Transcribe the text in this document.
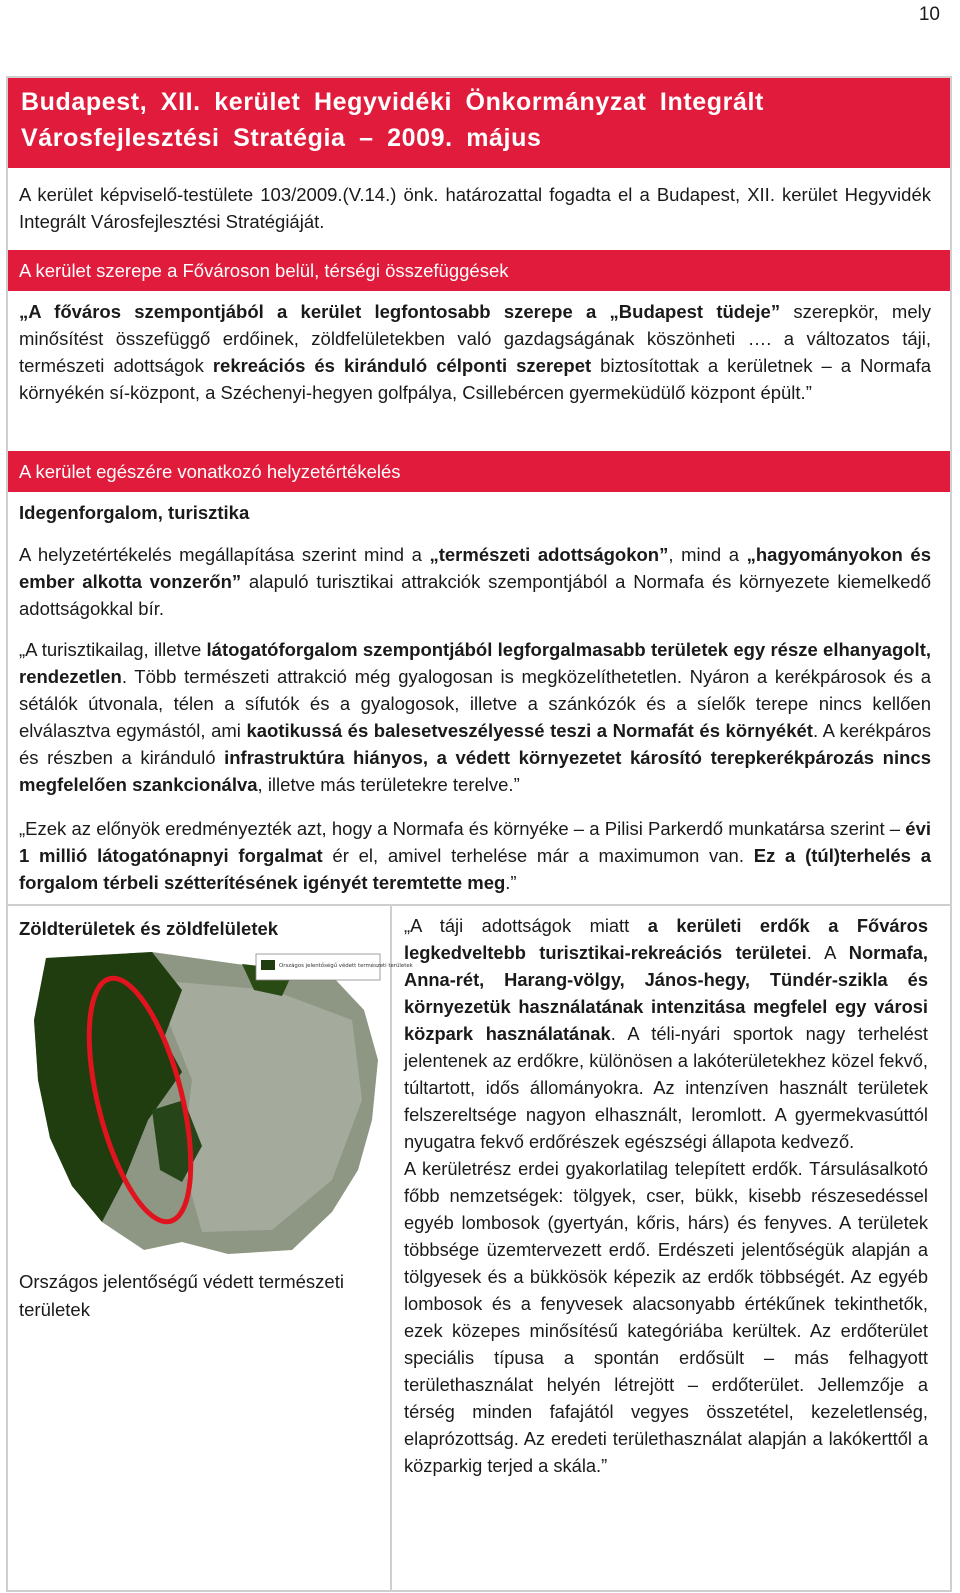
10
Budapest, XII. kerület Hegyvidéki Önkormányzat Integrált Városfejlesztési Stratégia – 2009. május
A kerület képviselő-testülete 103/2009.(V.14.) önk. határozattal fogadta el a Budapest, XII. kerület Hegyvidék Integrált Városfejlesztési Stratégiáját.
A kerület szerepe a Fővároson belül, térségi összefüggések
„A főváros szempontjából a kerület legfontosabb szerepe a „Budapest tüdeje” szerepkör, mely minősítést összefüggő erdőinek, zöldfelületekben való gazdagságának köszönheti …. a változatos táji, természeti adottságok rekreációs és kiránduló célponti szerepet biztosítottak a kerületnek – a Normafa környékén sí-központ, a Széchenyi-hegyen golfpálya, Csillebércen gyermeküdülő központ épült.”
A kerület egészére vonatkozó helyzetértékelés
Idegenforgalom, turisztika
A helyzetértékelés megállapítása szerint mind a „természeti adottságokon”, mind a „hagyományokon és ember alkotta vonzerőn” alapuló turisztikai attrakciók szempontjából a Normafa és környezete kiemelkedő adottságokkal bír.
„A turisztikailag, illetve látogatóforgalom szempontjából legforgalmasabb területek egy része elhanyagolt, rendezetlen. Több természeti attrakció még gyalogosan is megközelíthetetlen. Nyáron a kerékpárosok és a sétálók útvonala, télen a sífutók és a gyalogosok, illetve a szánkózók és a síelők terepe nincs kellően elválasztva egymástól, ami kaotikussá és balesetveszélyessé teszi a Normafát és környékét. A kerékpáros és részben a kiránduló infrastruktúra hiányos, a védett környezetet károsító terepkerékpározás nincs megfelelően szankcionálva, illetve más területekre terelve.”
„Ezek az előnyök eredményezték azt, hogy a Normafa és környéke – a Pilisi Parkerdő munkatársa szerint – évi 1 millió látogatónapnyi forgalmat ér el, amivel terhelése már a maximumon van. Ez a (túl)terhelés a forgalom térbeli szétterítésének igényét teremtette meg.”
Zöldterületek és zöldfelületek
Országos jelentőségű védett természeti területek
Országos jelentőségű védett természeti területek
„A táji adottságok miatt a kerületi erdők a Főváros legkedveltebb turisztikai-rekreációs területei. A Normafa, Anna-rét, Harang-völgy, János-hegy, Tündér-szikla és környezetük használatának intenzitása megfelel egy városi közpark használatának. A téli-nyári sportok nagy terhelést jelentenek az erdőkre, különösen a lakóterületekhez közel fekvő, túltartott, idős állományokra. Az intenzíven használt területek felszereltsége nagyon elhasznált, leromlott. A gyermekvasúttól nyugatra fekvő erdőrészek egészségi állapota kedvező.
A kerületrész erdei gyakorlatilag telepített erdők. Társulásalkotó főbb nemzetségek: tölgyek, cser, bükk, kisebb részesedéssel egyéb lombosok (gyertyán, kőris, hárs) és fenyves. A területek többsége üzemtervezett erdő. Erdészeti jelentőségük alapján a tölgyesek és a bükkösök képezik az erdők többségét. Az egyéb lombosok és a fenyvesek alacsonyabb értékűnek tekinthetők, ezek közepes minősítésű kategóriába kerültek. Az erdőterület speciális típusa a spontán erdősült – más felhagyott területhasználat helyén létrejött – erdőterület. Jellemzője a térség minden fafajától vegyes összetétel, kezeletlenség, elaprózottság. Az eredeti területhasználat alapján a lakókerttől a közparkig terjed a skála.”
